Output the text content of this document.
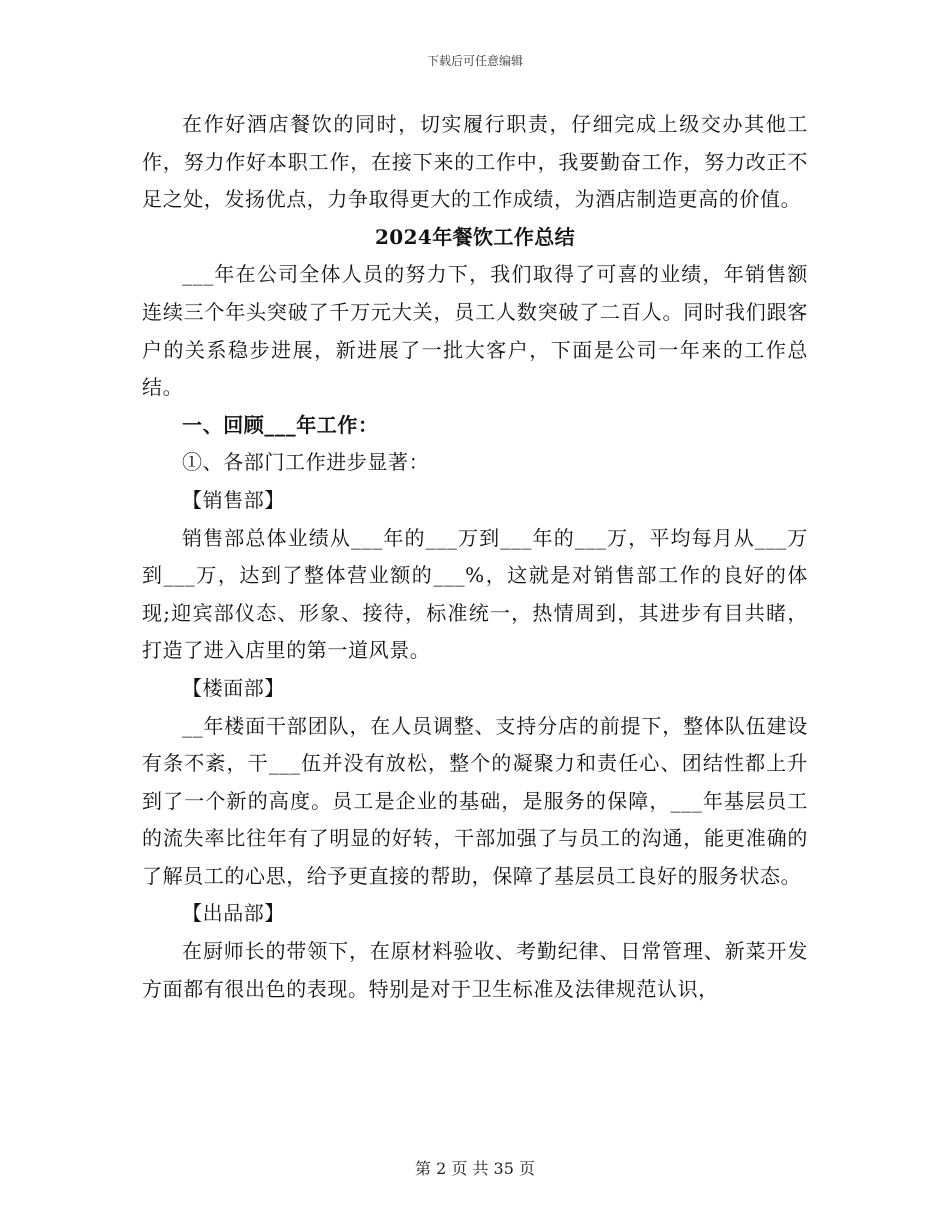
下载后可任意编辑

在作好酒店餐饮的同时，切实履行职责，仔细完成上级交办其他工作，努力作好本职工作，在接下来的工作中，我要勤奋工作，努力改正不足之处，发扬优点，力争取得更大的工作成绩，为酒店制造更高的价值。

2024年餐饮工作总结

___年在公司全体人员的努力下，我们取得了可喜的业绩，年销售额连续三个年头突破了千万元大关，员工人数突破了二百人。同时我们跟客户的关系稳步进展，新进展了一批大客户，下面是公司一年来的工作总结。

一、回顾___年工作：

①、各部门工作进步显著：

【销售部】

销售部总体业绩从___年的___万到___年的___万，平均每月从___万到___万，达到了整体营业额的___%，这就是对销售部工作的良好的体现;迎宾部仪态、形象、接待，标准统一，热情周到，其进步有目共睹，打造了进入店里的第一道风景。

【楼面部】

__年楼面干部团队，在人员调整、支持分店的前提下，整体队伍建设有条不紊，干___伍并没有放松，整个的凝聚力和责任心、团结性都上升到了一个新的高度。员工是企业的基础，是服务的保障，___年基层员工的流失率比往年有了明显的好转，干部加强了与员工的沟通，能更准确的了解员工的心思，给予更直接的帮助，保障了基层员工良好的服务状态。

【出品部】

在厨师长的带领下，在原材料验收、考勤纪律、日常管理、新菜开发方面都有很出色的表现。特别是对于卫生标准及法律规范认识，

第 2 页 共 35 页
